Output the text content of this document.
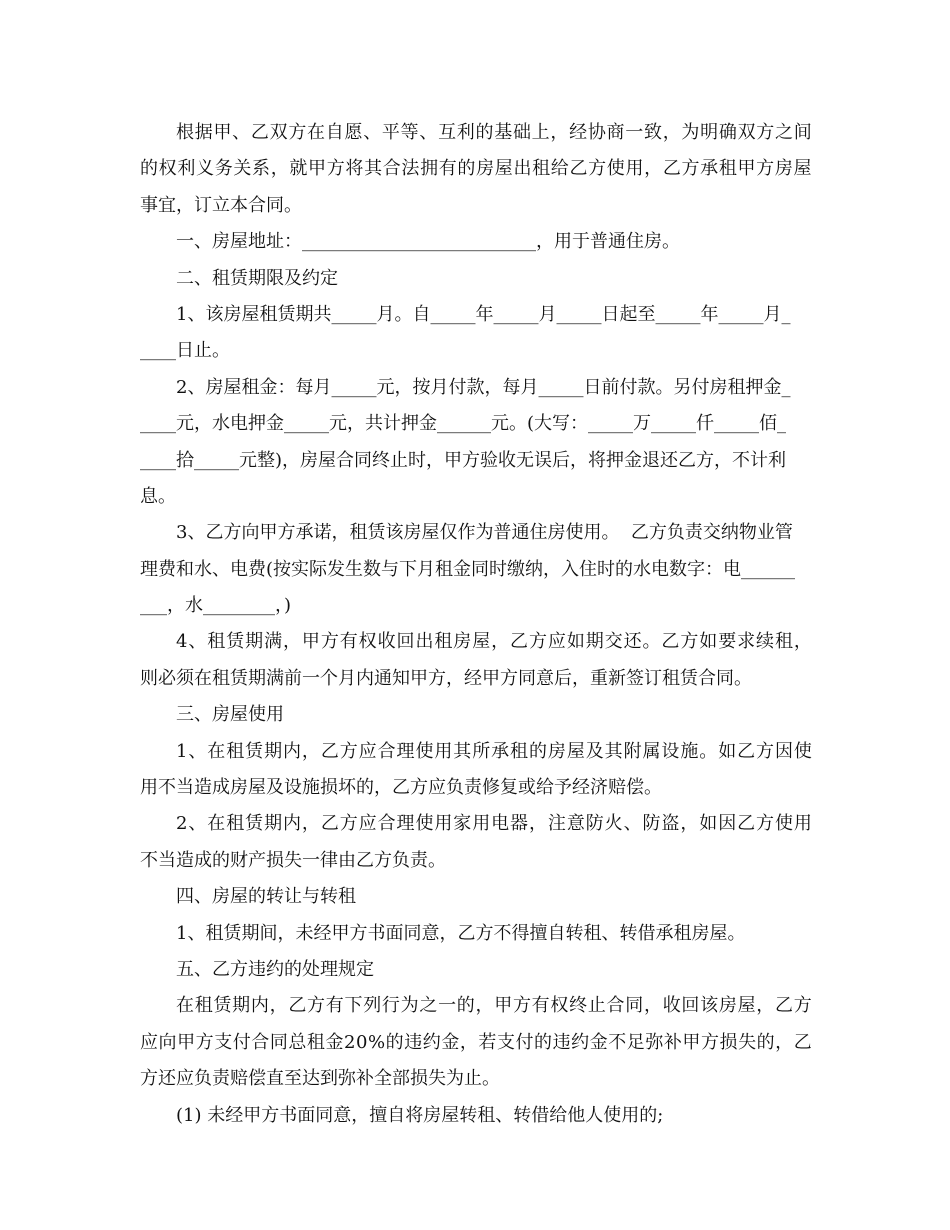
根 据 甲 、 乙 双 方 在 自 愿 、 平 等 、 互 利 的 基 础 上 ， 经 协 商 一 致 ， 为 明 确 双 方 之 间
的 权 利 义 务 关 系 ， 就 甲 方 将 其 合 法 拥 有 的 房 屋 出 租 给 乙 方 使 用 ， 乙 方 承 租 甲 方 房 屋
事宜，订立本合同。
一、房屋地址：__________________________，用于普通住房。
二、租赁期限及约定
1、该房屋租赁期共_____月。自_____年_____月_____日起至_____年_____月_
____日止。
2、房屋租金：每月_____元，按月付款，每月_____日前付款。另付房租押金_
____元，水电押金_____元，共计押金______元。(大写：_____万_____仟_____佰_
____拾_____元整)，房屋合同终止时，甲方验收无误后，将押金退还乙方，不计利
息。
3、乙方向甲方承诺，租赁该房屋仅作为普通住房使用。  乙方负责交纳物业管
理费和水、电费(按实际发生数与下月租金同时缴纳，入住时的水电数字：电______
___，水________，)
4 、 租 赁 期 满 ， 甲 方 有 权 收 回 出 租 房 屋 ， 乙 方 应 如 期 交 还 。 乙 方 如 要 求 续 租 ，
则必须在租赁期满前一个月内通知甲方，经甲方同意后，重新签订租赁合同。
三、房屋使用
1 、 在 租 赁 期 内 ， 乙 方 应 合 理 使 用 其 所 承 租 的 房 屋 及 其 附 属 设 施 。 如 乙 方 因 使
用不当造成房屋及设施损坏的，乙方应负责修复或给予经济赔偿。
2 、 在 租 赁 期 内 ， 乙 方 应 合 理 使 用 家 用 电 器 ， 注 意 防 火 、 防 盗 ， 如 因 乙 方 使 用
不当造成的财产损失一律由乙方负责。
四、房屋的转让与转租
1、租赁期间，未经甲方书面同意，乙方不得擅自转租、转借承租房屋。
五、乙方违约的处理规定
在 租 赁 期 内 ， 乙 方 有 下 列 行 为 之 一 的 ， 甲 方 有 权 终 止 合 同 ， 收 回 该 房 屋 ， 乙 方
应 向 甲 方 支 付 合 同 总 租 金 2 0 % 的 违 约 金 ， 若 支 付 的 违 约 金 不 足 弥 补 甲 方 损 失 的 ， 乙
方还应负责赔偿直至达到弥补全部损失为止。
(1) 未经甲方书面同意，擅自将房屋转租、转借给他人使用的;
